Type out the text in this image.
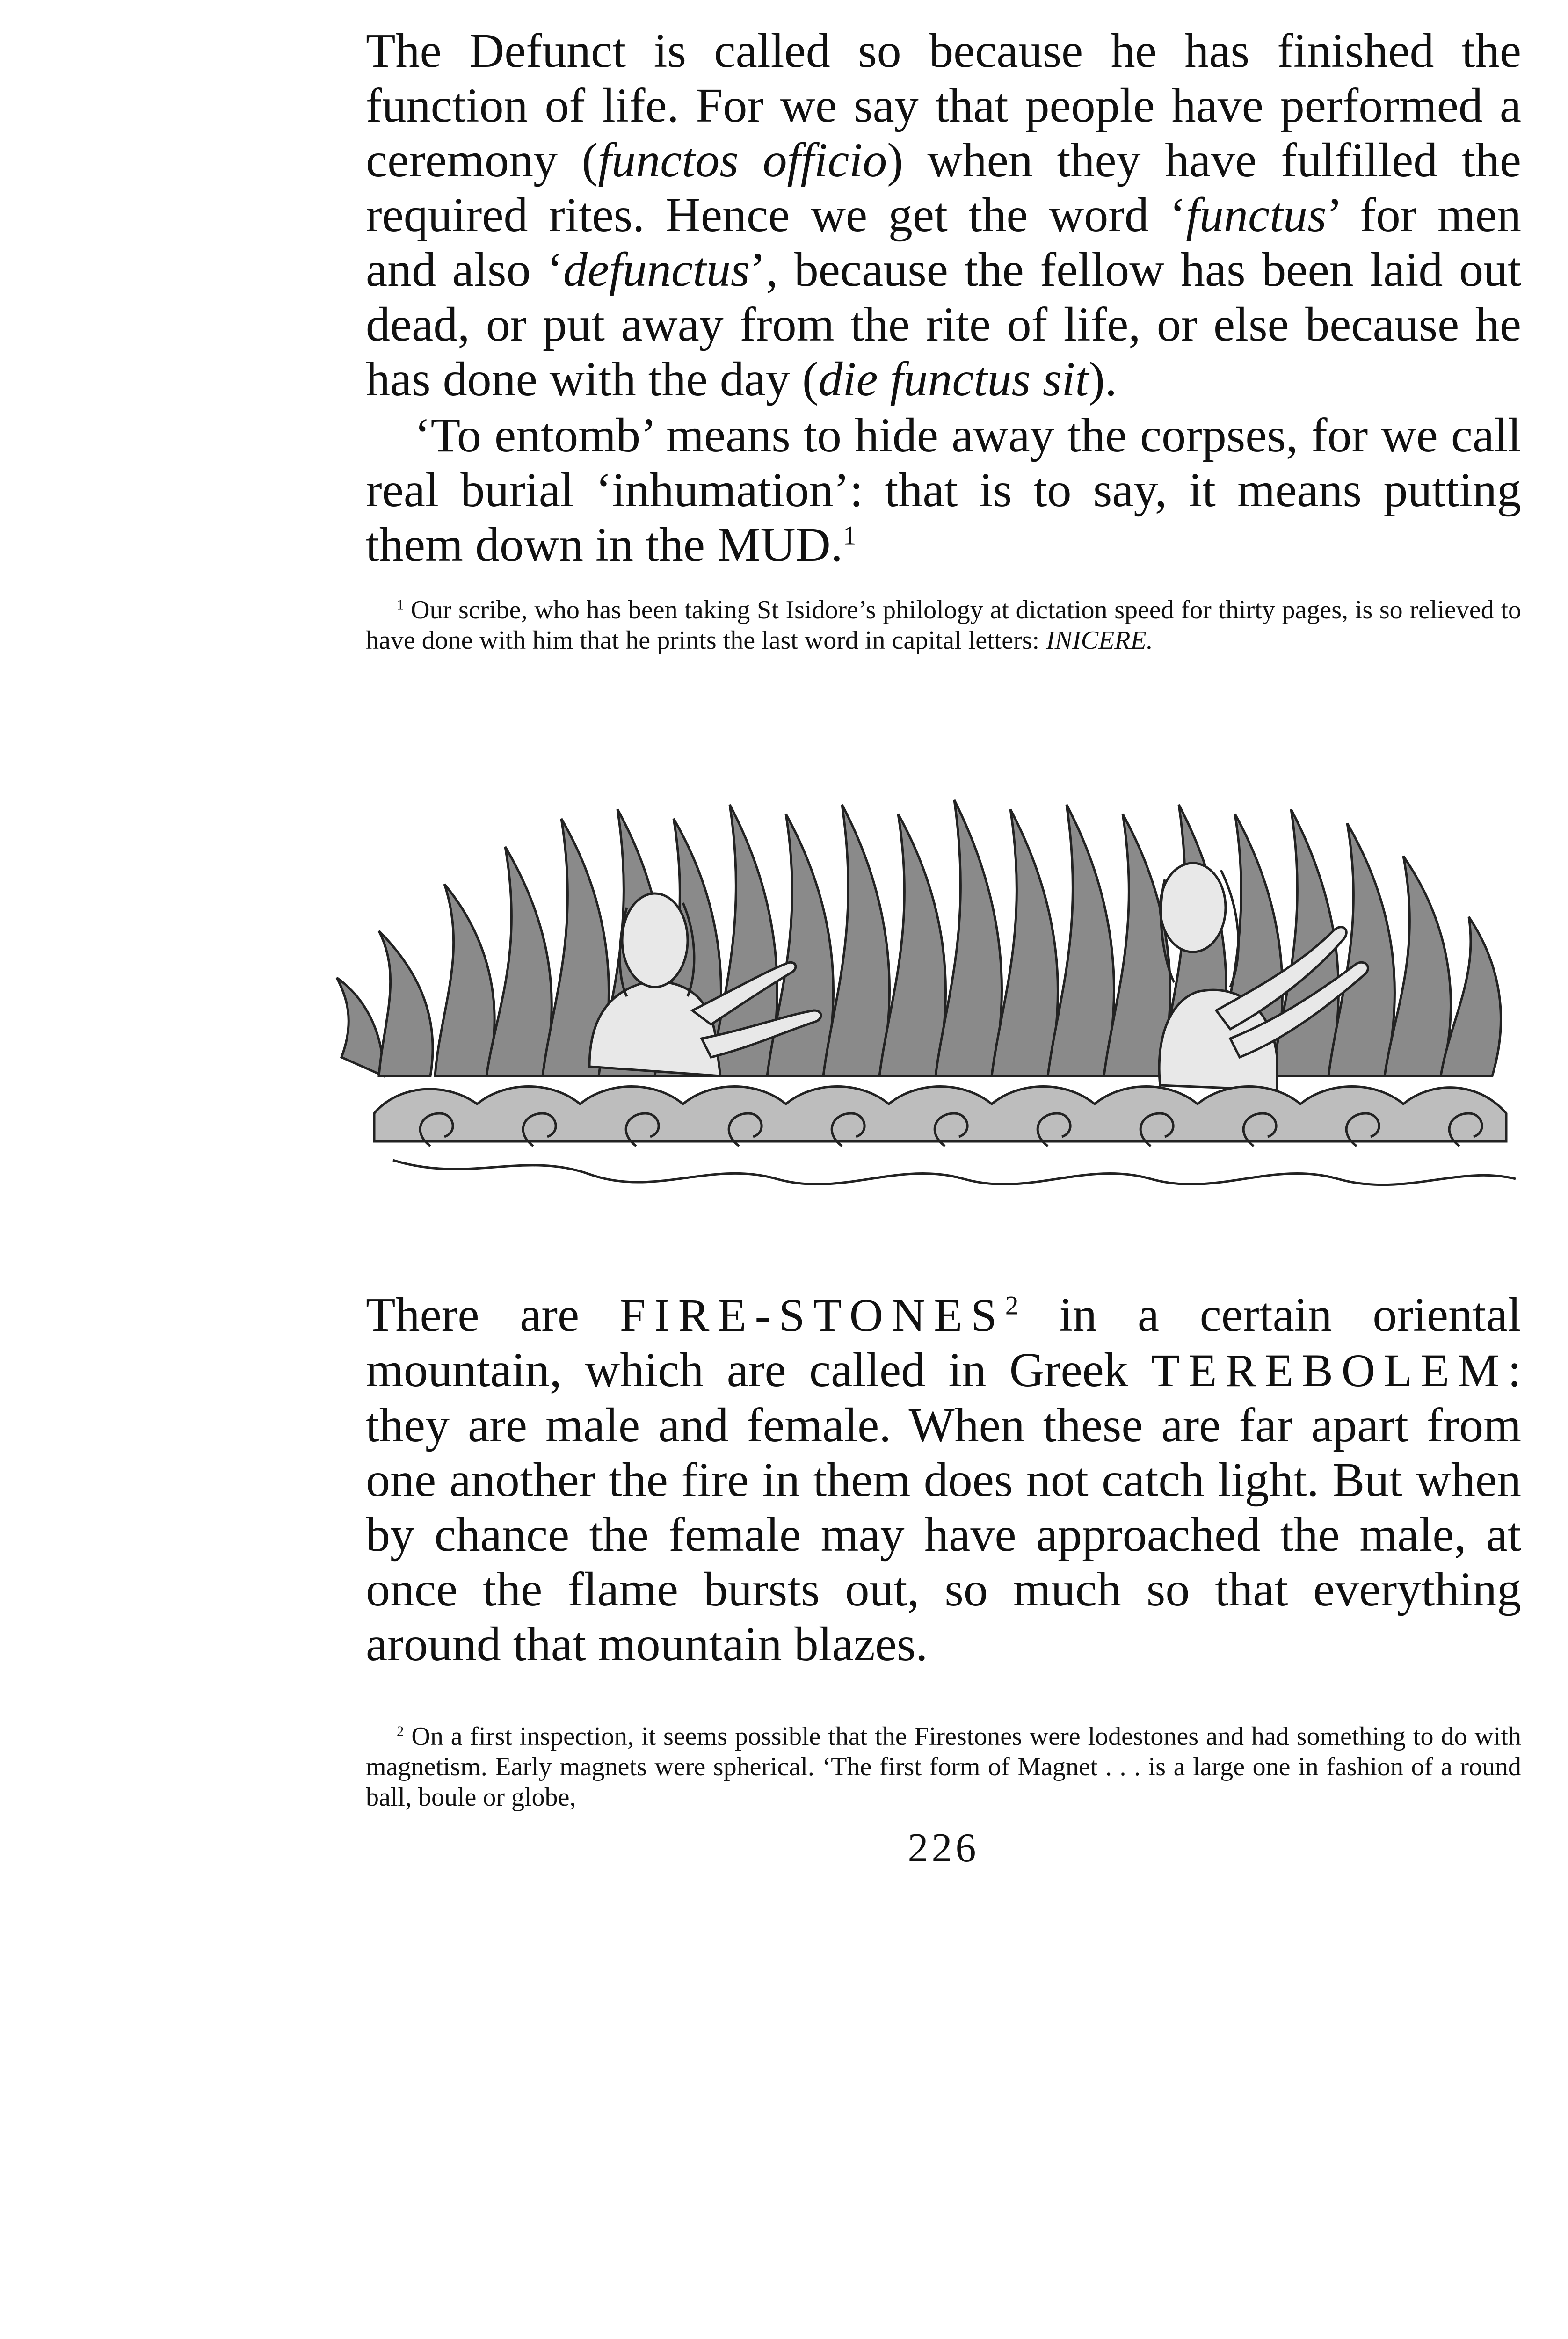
The Defunct is called so because he has finished the function of life. For we say that people have performed a ceremony (functos officio) when they have fulfilled the required rites. Hence we get the word ‘functus’ for men and also ‘defunctus’, because the fellow has been laid out dead, or put away from the rite of life, or else because he has done with the day (die functus sit).

‘To entomb’ means to hide away the corpses, for we call real burial ‘inhumation’: that is to say, it means putting them down in the MUD.$^1$

$^1$ Our scribe, who has been taking St Isidore’s philology at dictation speed for thirty pages, is so relieved to have done with him that he prints the last word in capital letters: INICERE.

There are FIRE-STONES$^2$ in a certain oriental mountain, which are called in Greek TEREBOLEM: they are male and female. When these are far apart from one another the fire in them does not catch light. But when by chance the female may have approached the male, at once the flame bursts out, so much so that everything around that mountain blazes.

$^2$ On a first inspection, it seems possible that the Firestones were lodestones and had something to do with magnetism. Early magnets were spherical. ‘The first form of Magnet . . . is a large one in fashion of a round ball, boule or globe,

226
